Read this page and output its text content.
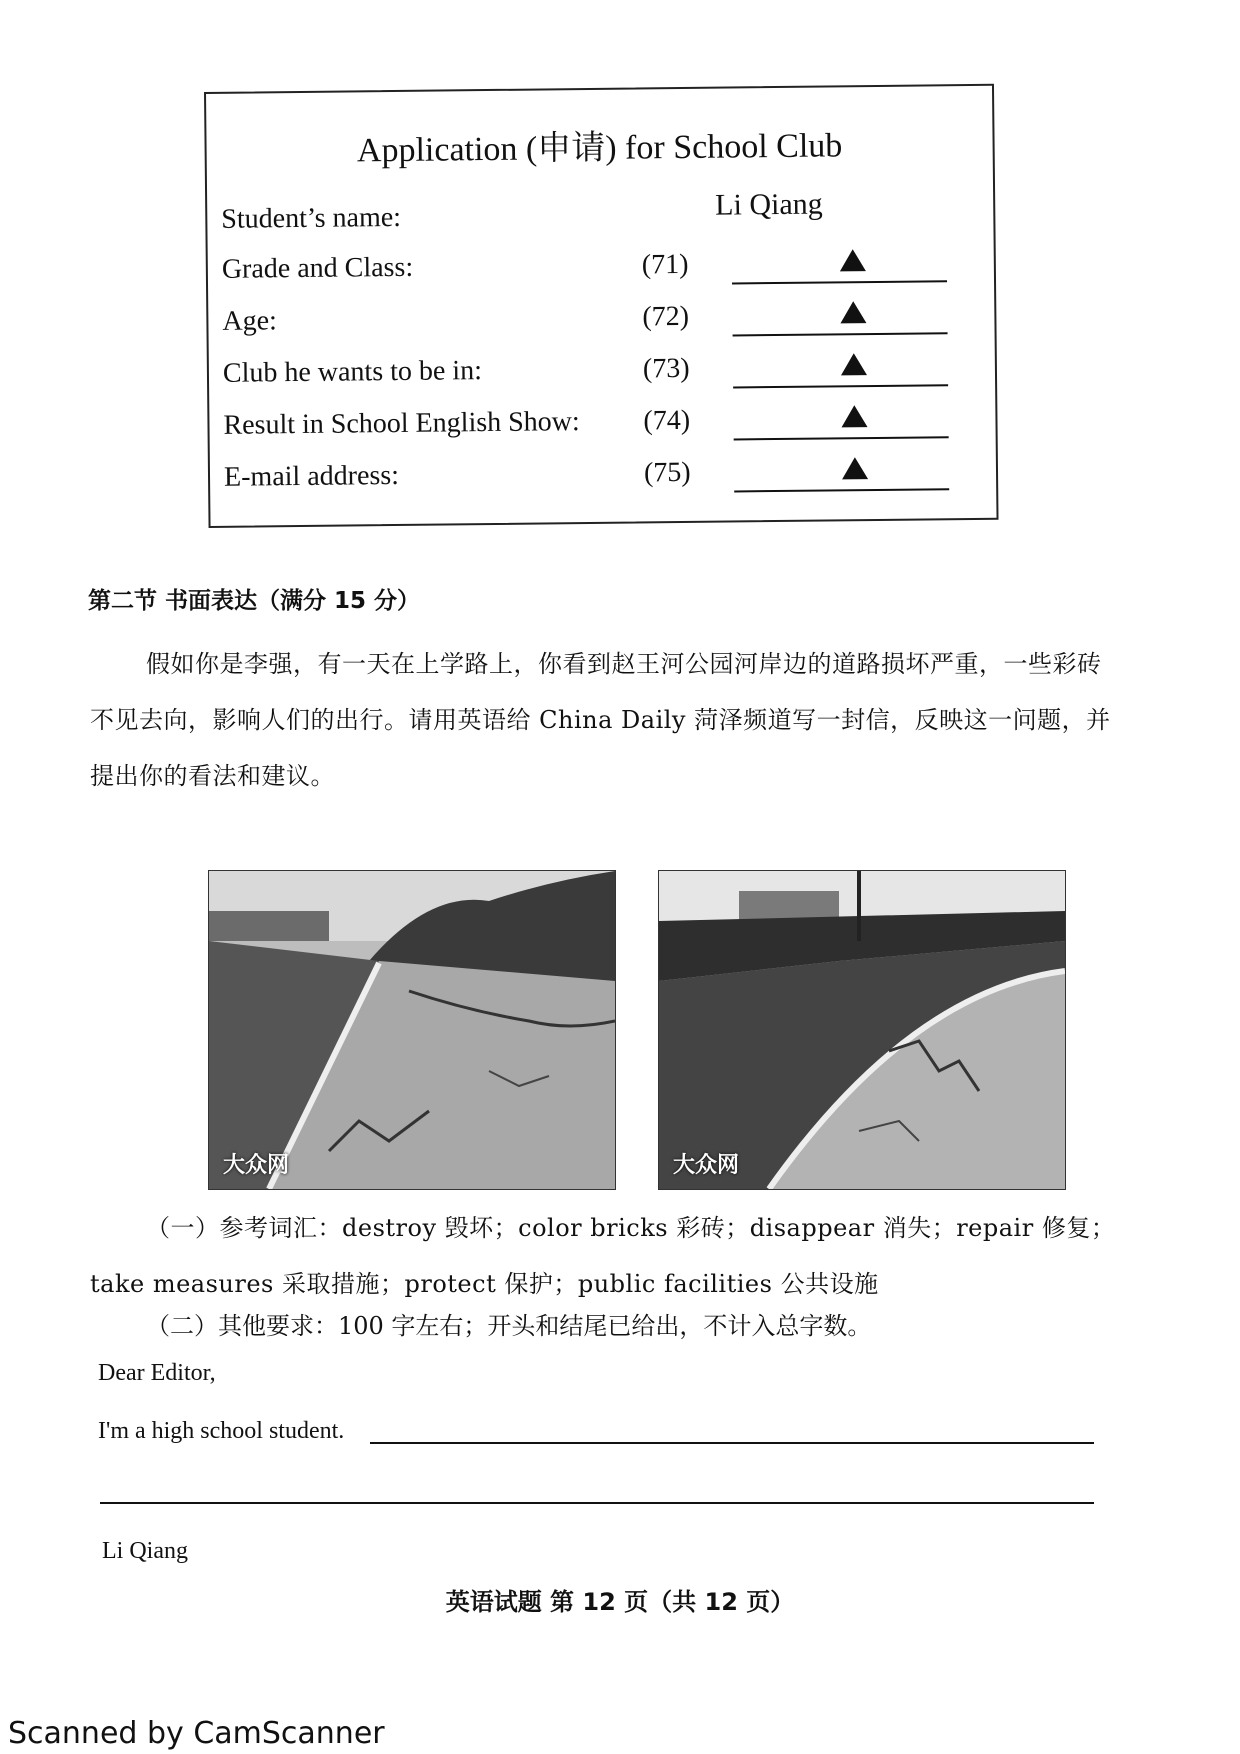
Application (申请) for School Club
Student’s name:	Li Qiang
Grade and Class:	(71)
Age:	(72)
Club he wants to be in:	(73)
Result in School English Show: (74)
E-mail address:	(75)
第二节 书面表达（满分 15 分）
假如你是李强，有一天在上学路上，你看到赵王河公园河岸边的道路损坏严重，一些彩砖不见去向，影响人们的出行。请用英语给 China Daily 菏泽频道写一封信，反映这一问题，并提出你的看法和建议。
大众网	大众网
（一）参考词汇：destroy 毁坏；color bricks 彩砖；disappear 消失；repair 修复；take measures 采取措施；protect 保护；public facilities 公共设施
（二）其他要求：100 字左右；开头和结尾已给出，不计入总字数。
Dear Editor,
I'm a high school student.
Li Qiang
英语试题 第 12 页（共 12 页）
Scanned by CamScanner
